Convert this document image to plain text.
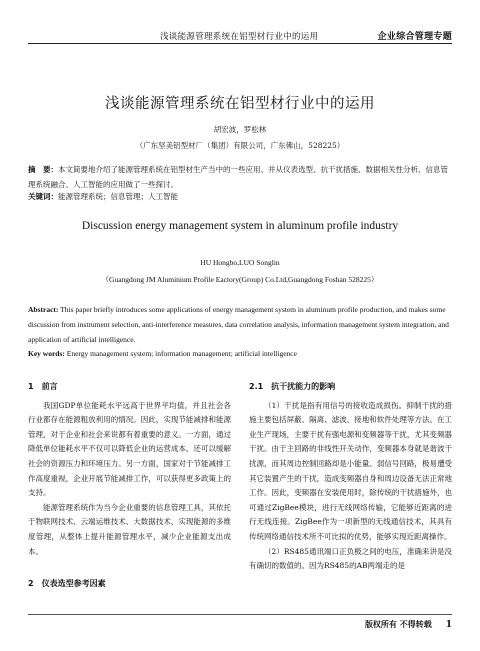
浅谈能源管理系统在铝型材行业中的运用	企业综合管理专题
浅谈能源管理系统在铝型材行业中的运用
胡宏波，罗松林
（广东坚美铝型材厂（集团）有限公司，广东佛山，528225）
摘　要：本文简要地介绍了能源管理系统在铝型材生产当中的一些应用、并从仪表选型、抗干扰措施、数据相关性分析、信息管理系统融合、人工智能的应用做了一些探讨。
关键词：能源管理系统；信息管理；人工智能
Discussion energy management system in aluminum profile industry
HU Hongbo,LUO Songlin
（Guangdong JM Aluminium Profile Eactory(Group) Co.Ltd,Guangdong Foshan 528225）
Abstract: This paper briefly introduces some applications of energy management system in aluminum profile production, and makes some discussion from instrument selection, anti-interference measures, data correlation analysis, information management system integration, and application of artificial intelligence.
Key words: Energy management system; information management; artificial intelligence
1　前言

我国GDP单位能耗水平远高于世界平均值，并且社会各行业都存在能源粗放利用的情况。因此，实现节能减排和能源管理，对于企业和社会来说都有着重要的意义。一方面，通过降低单位能耗水平不仅可以降低企业的运营成本，还可以缓解社会的资源压力和环境压力。另一方面，国家对于节能减排工作高度重视，企业开展节能减排工作，可以获得更多政策上的支持。

能源管理系统作为当今企业重要的信息管理工具，其依托于物联网技术、云端运维技术、大数据技术，实现能源的多维度管理，从整体上提升能源管理水平，减少企业能源支出成本。

2　仪表选型参考因素
2.1　抗干扰能力的影响

（1）干扰是指有用信号的接收造成损伤。抑制干扰的措施主要包括屏蔽、隔离、滤波、接地和软件处理等方法。在工业生产现场，主要干扰有强电源和变频器等干扰，尤其变频器干扰。由于主回路的非线性开关动作，变频器本身就是谐波干扰源，而其周边控制回路却是小能量、弱信号回路，极易遭受其它装置产生的干扰，造成变频器自身和周边设备无法正常地工作。因此，变频器在安装使用时，除传统的干扰措施外，也可通过ZigBee模块，进行无线网络传输，它能够近距离的进行无线连接。ZigBee作为一项新型的无线通信技术，其具有传统网络通信技术所不可比拟的优势，能够实现近距离操作。

（2）RS485通讯端口正负极之间的电压，准确来讲是没有确切的数值的。因为RS485的AB两端走的是

版权所有 不得转载 1
